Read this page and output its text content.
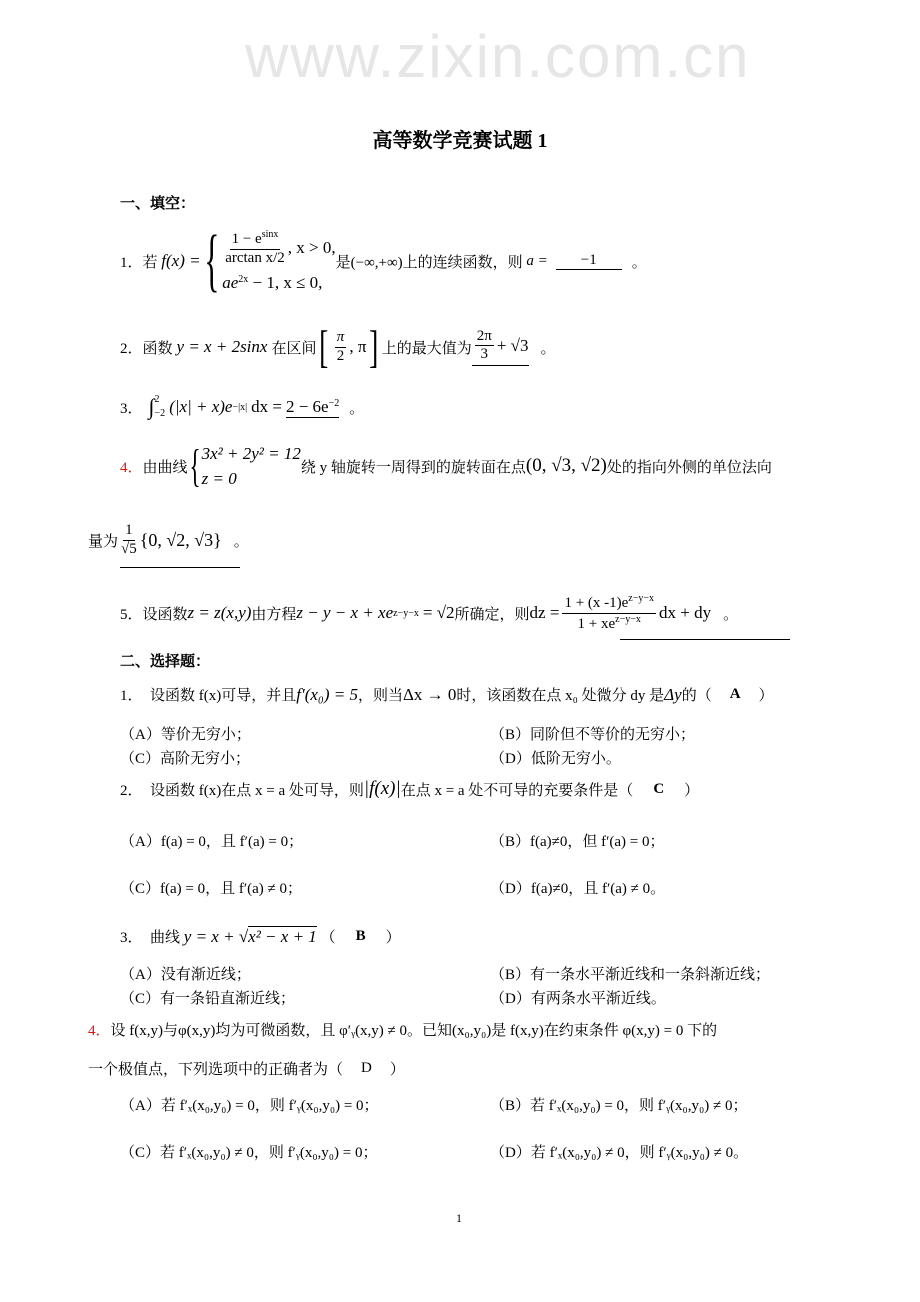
www.zixin.com.cn
高等数学竞赛试题 1
一、填空：
1． 若
f(x) = { $\frac{1 - e^{sinx}}{\text{arctan x/2}}$ , x > 0,
$ae^{2x} - 1$, x ≤ 0,
是(−∞,+∞)上的连续函数，则
a =	−1	。
2． 函数 y = x + 2sinx 在区间 [ $\frac{\pi}{2}$ , π ] 上的最大值为 $\frac{2\pi}{3} + √3$ 。
3． ∫ 2
−2 (|x| + x)e −|x| dx = $2 - 6e^{-2}$ 。
4． 由曲线 { 3x² + 2y² = 12
z = 0
绕 y 轴旋转一周得到的旋转面在点 (0, √3, √2) 处的指向外侧的单位法向
量为 $\frac{1}{√5} \{0$, √2, √3} 。
5． 设函数 z = z(x,y) 由方程 z − y − x + xe z−y−x = √2 所确定，则 dz = $\frac{1 + (x -1)e^{z-y-x}}{1 + xe^{z-y-x}}$ dx + dy 。
二、选择题：
1．
设函数 f(x)可导，并且 f′(x₀) = 5 ，则当 Δx → 0 时，该函数在点 x₀ 处微分 dy 是 Δy 的（ A ）
（A）等价无穷小；	（B）同阶但不等价的无穷小；
（C）高阶无穷小；	（D）低阶无穷小。
2．
设函数 f(x)在点 x = a 处可导，则 |f(x)| 在点 x = a 处不可导的充要条件是（ C ）
（A）f(a) = 0，且 f′(a) = 0；	（B）f(a)≠0，但 f′(a) = 0；
（C）f(a) = 0，且 f′(a) ≠ 0；	（D）f(a)≠0，且 f′(a) ≠ 0。
3．
曲线
y = x + √ x² − x + 1
（ B ）
（A）没有渐近线；	（B）有一条水平渐近线和一条斜渐近线；
（C）有一条铅直渐近线；	（D）有两条水平渐近线。
4． 设 f(x,y)与φ(x,y)均为可微函数，且 φ′ᵧ(x,y) ≠ 0。已知(x₀,y₀)是 f(x,y)在约束条件 φ(x,y) = 0 下的
一个极值点，下列选项中的正确者为（ D ）
（A）若 f′ₓ(x₀,y₀) = 0，则 f′ᵧ(x₀,y₀) = 0；	（B）若 f′ₓ(x₀,y₀) = 0，则 f′ᵧ(x₀,y₀) ≠ 0；
（C）若 f′ₓ(x₀,y₀) ≠ 0，则 f′ᵧ(x₀,y₀) = 0；	（D）若 f′ₓ(x₀,y₀) ≠ 0，则 f′ᵧ(x₀,y₀) ≠ 0。
1
